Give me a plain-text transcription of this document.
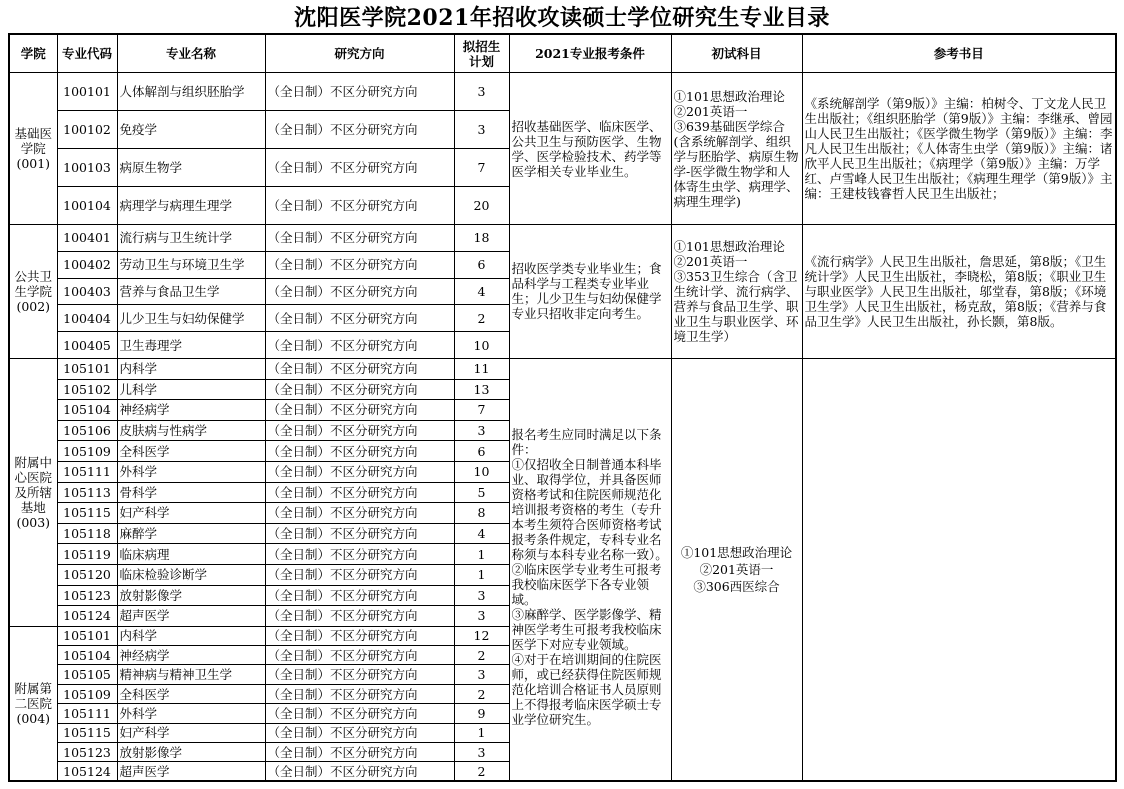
沈阳医学院2021年招收攻读硕士学位研究生专业目录
学院	专业代码	专业名称	研究方向	拟招生
计划	2021专业报考条件	初试科目	参考书目
基础医
学院
(001)	100101	人体解剖与组织胚胎学	（全日制）不区分研究方向	3	招收基础医学、临床医学、公共卫生与预防医学、生物学、医学检验技术、药学等医学相关专业毕业生。	①101思想政治理论
②201英语一
③639基础医学综合(含系统解剖学、组织学与胚胎学、病原生物学-医学微生物学和人体寄生虫学、病理学、病理生理学)	《系统解剖学（第9版）》主编：柏树令、丁文龙人民卫生出版社；《组织胚胎学（第9版）》主编：李继承、曾园山人民卫生出版社；《医学微生物学（第9版）》主编：李凡人民卫生出版社；《人体寄生虫学（第9版）》主编：诸欣平人民卫生出版社；《病理学（第9版）》主编：万学红、卢雪峰人民卫生出版社；《病理生理学（第9版）》主编：王建枝钱睿哲人民卫生出版社；
	100102	免疫学	（全日制）不区分研究方向	3			
	100103	病原生物学	（全日制）不区分研究方向	7			
	100104	病理学与病理生理学	（全日制）不区分研究方向	20			
公共卫
生学院
(002)	100401	流行病与卫生统计学	（全日制）不区分研究方向	18	招收医学类专业毕业生；食品科学与工程类专业毕业生；儿少卫生与妇幼保健学专业只招收非定向考生。	①101思想政治理论
②201英语一
③353卫生综合（含卫生统计学、流行病学、营养与食品卫生学、职业卫生与职业医学、环境卫生学）	《流行病学》人民卫生出版社，詹思延，第8版；《卫生统计学》人民卫生出版社，李晓松，第8版；《职业卫生与职业医学》人民卫生出版社，邬堂春，第8版；《环境卫生学》人民卫生出版社，杨克敌，第8版；《营养与食品卫生学》人民卫生出版社，孙长颢，第8版。
	100402	劳动卫生与环境卫生学	（全日制）不区分研究方向	6			
	100403	营养与食品卫生学	（全日制）不区分研究方向	4			
	100404	儿少卫生与妇幼保健学	（全日制）不区分研究方向	2			
	100405	卫生毒理学	（全日制）不区分研究方向	10			
附属中
心医院
及所辖
基地
(003)	105101	内科学	（全日制）不区分研究方向	11	报名考生应同时满足以下条件：
①仅招收全日制普通本科毕业、取得学位，并具备医师资格考试和住院医师规范化培训报考资格的考生（专升本考生须符合医师资格考试报考条件规定，专科专业名称须与本科专业名称一致）。
②临床医学专业考生可报考我校临床医学下各专业领域。
③麻醉学、医学影像学、精神医学考生可报考我校临床医学下对应专业领域。
④对于在培训期间的住院医师，或已经获得住院医师规范化培训合格证书人员原则上不得报考临床医学硕士专业学位研究生。	①101思想政治理论
②201英语一
③306西医综合	
	105102	儿科学	（全日制）不区分研究方向	13			
	105104	神经病学	（全日制）不区分研究方向	7			
	105106	皮肤病与性病学	（全日制）不区分研究方向	3			
	105109	全科医学	（全日制）不区分研究方向	6			
	105111	外科学	（全日制）不区分研究方向	10			
	105113	骨科学	（全日制）不区分研究方向	5			
	105115	妇产科学	（全日制）不区分研究方向	8			
	105118	麻醉学	（全日制）不区分研究方向	4			
	105119	临床病理	（全日制）不区分研究方向	1			
	105120	临床检验诊断学	（全日制）不区分研究方向	1			
	105123	放射影像学	（全日制）不区分研究方向	3			
	105124	超声医学	（全日制）不区分研究方向	3			
附属第
二医院
(004)	105101	内科学	（全日制）不区分研究方向	12			
	105104	神经病学	（全日制）不区分研究方向	2			
	105105	精神病与精神卫生学	（全日制）不区分研究方向	3			
	105109	全科医学	（全日制）不区分研究方向	2			
	105111	外科学	（全日制）不区分研究方向	9			
	105115	妇产科学	（全日制）不区分研究方向	1			
	105123	放射影像学	（全日制）不区分研究方向	3			
	105124	超声医学	（全日制）不区分研究方向	2			
